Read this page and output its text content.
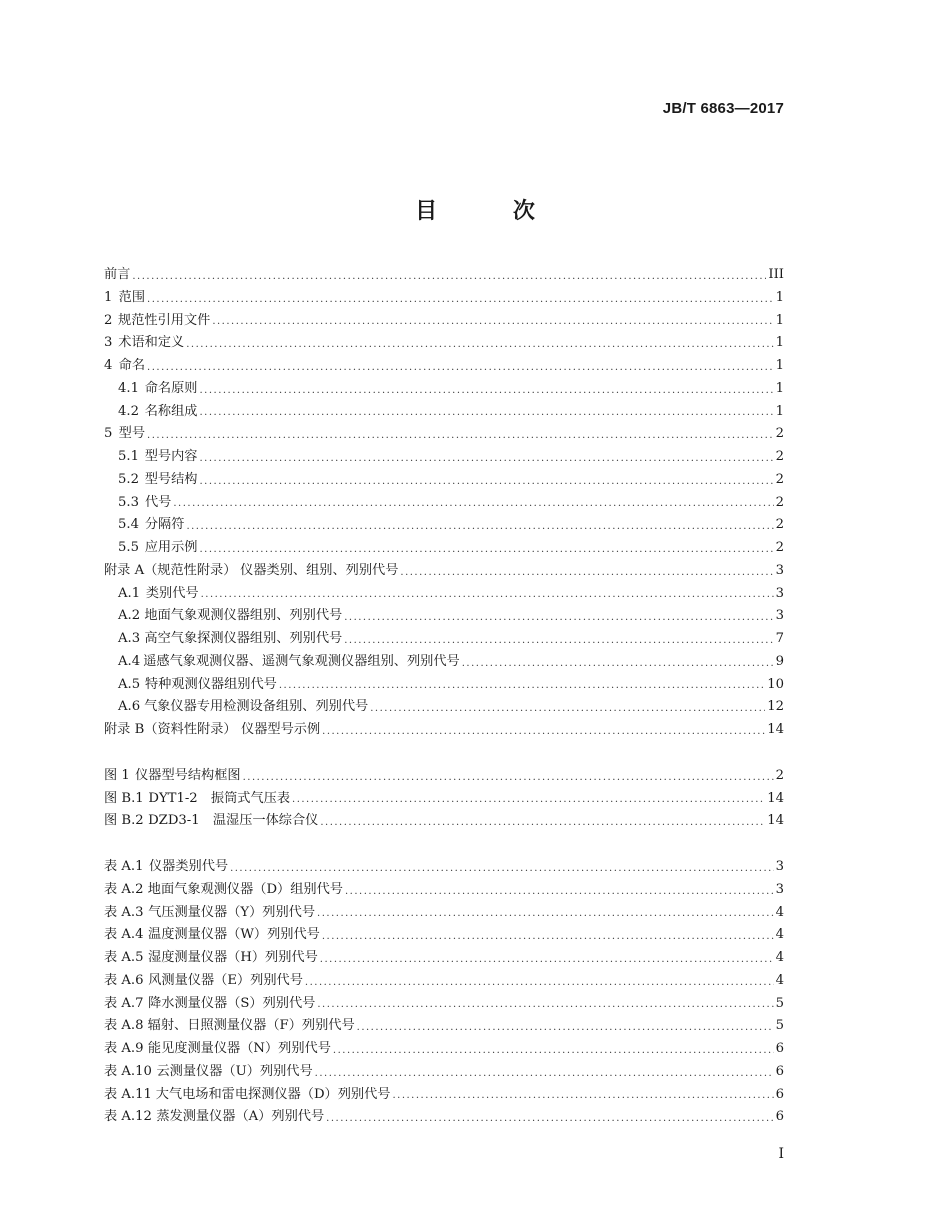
JB/T 6863—2017
目 次
前言 .....	III
1 范围 .....	1
2 规范性引用文件 .....	1
3 术语和定义 .....	1
4 命名 .....	1
4.1 命名原则 .....	1
4.2 名称组成 .....	1
5 型号 .....	2
5.1 型号内容 .....	2
5.2 型号结构 .....	2
5.3 代号 .....	2
5.4 分隔符 .....	2
5.5 应用示例 .....	2
附录 A（规范性附录） 仪器类别、组别、列别代号 .....	3
A.1 类别代号 .....	3
A.2 地面气象观测仪器组别、列别代号 .....	3
A.3 高空气象探测仪器组别、列别代号 .....	7
A.4 遥感气象观测仪器、遥测气象观测仪器组别、列别代号 .....	9
A.5 特种观测仪器组别代号 .....	10
A.6 气象仪器专用检测设备组别、列别代号 .....	12
附录 B（资料性附录） 仪器型号示例 .....	14
图 1 仪器型号结构框图 .....	2
图 B.1 DYT1-2　振筒式气压表 .....	14
图 B.2 DZD3-1　温湿压一体综合仪 .....	14
表 A.1 仪器类别代号 .....	3
表 A.2 地面气象观测仪器（D）组别代号 .....	3
表 A.3 气压测量仪器（Y）列别代号 .....	4
表 A.4 温度测量仪器（W）列别代号 .....	4
表 A.5 湿度测量仪器（H）列别代号 .....	4
表 A.6 风测量仪器（E）列别代号 .....	4
表 A.7 降水测量仪器（S）列别代号 .....	5
表 A.8 辐射、日照测量仪器（F）列别代号 .....	5
表 A.9 能见度测量仪器（N）列别代号 .....	6
表 A.10 云测量仪器（U）列别代号 .....	6
表 A.11 大气电场和雷电探测仪器（D）列别代号 .....	6
表 A.12 蒸发测量仪器（A）列别代号 .....	6
I
